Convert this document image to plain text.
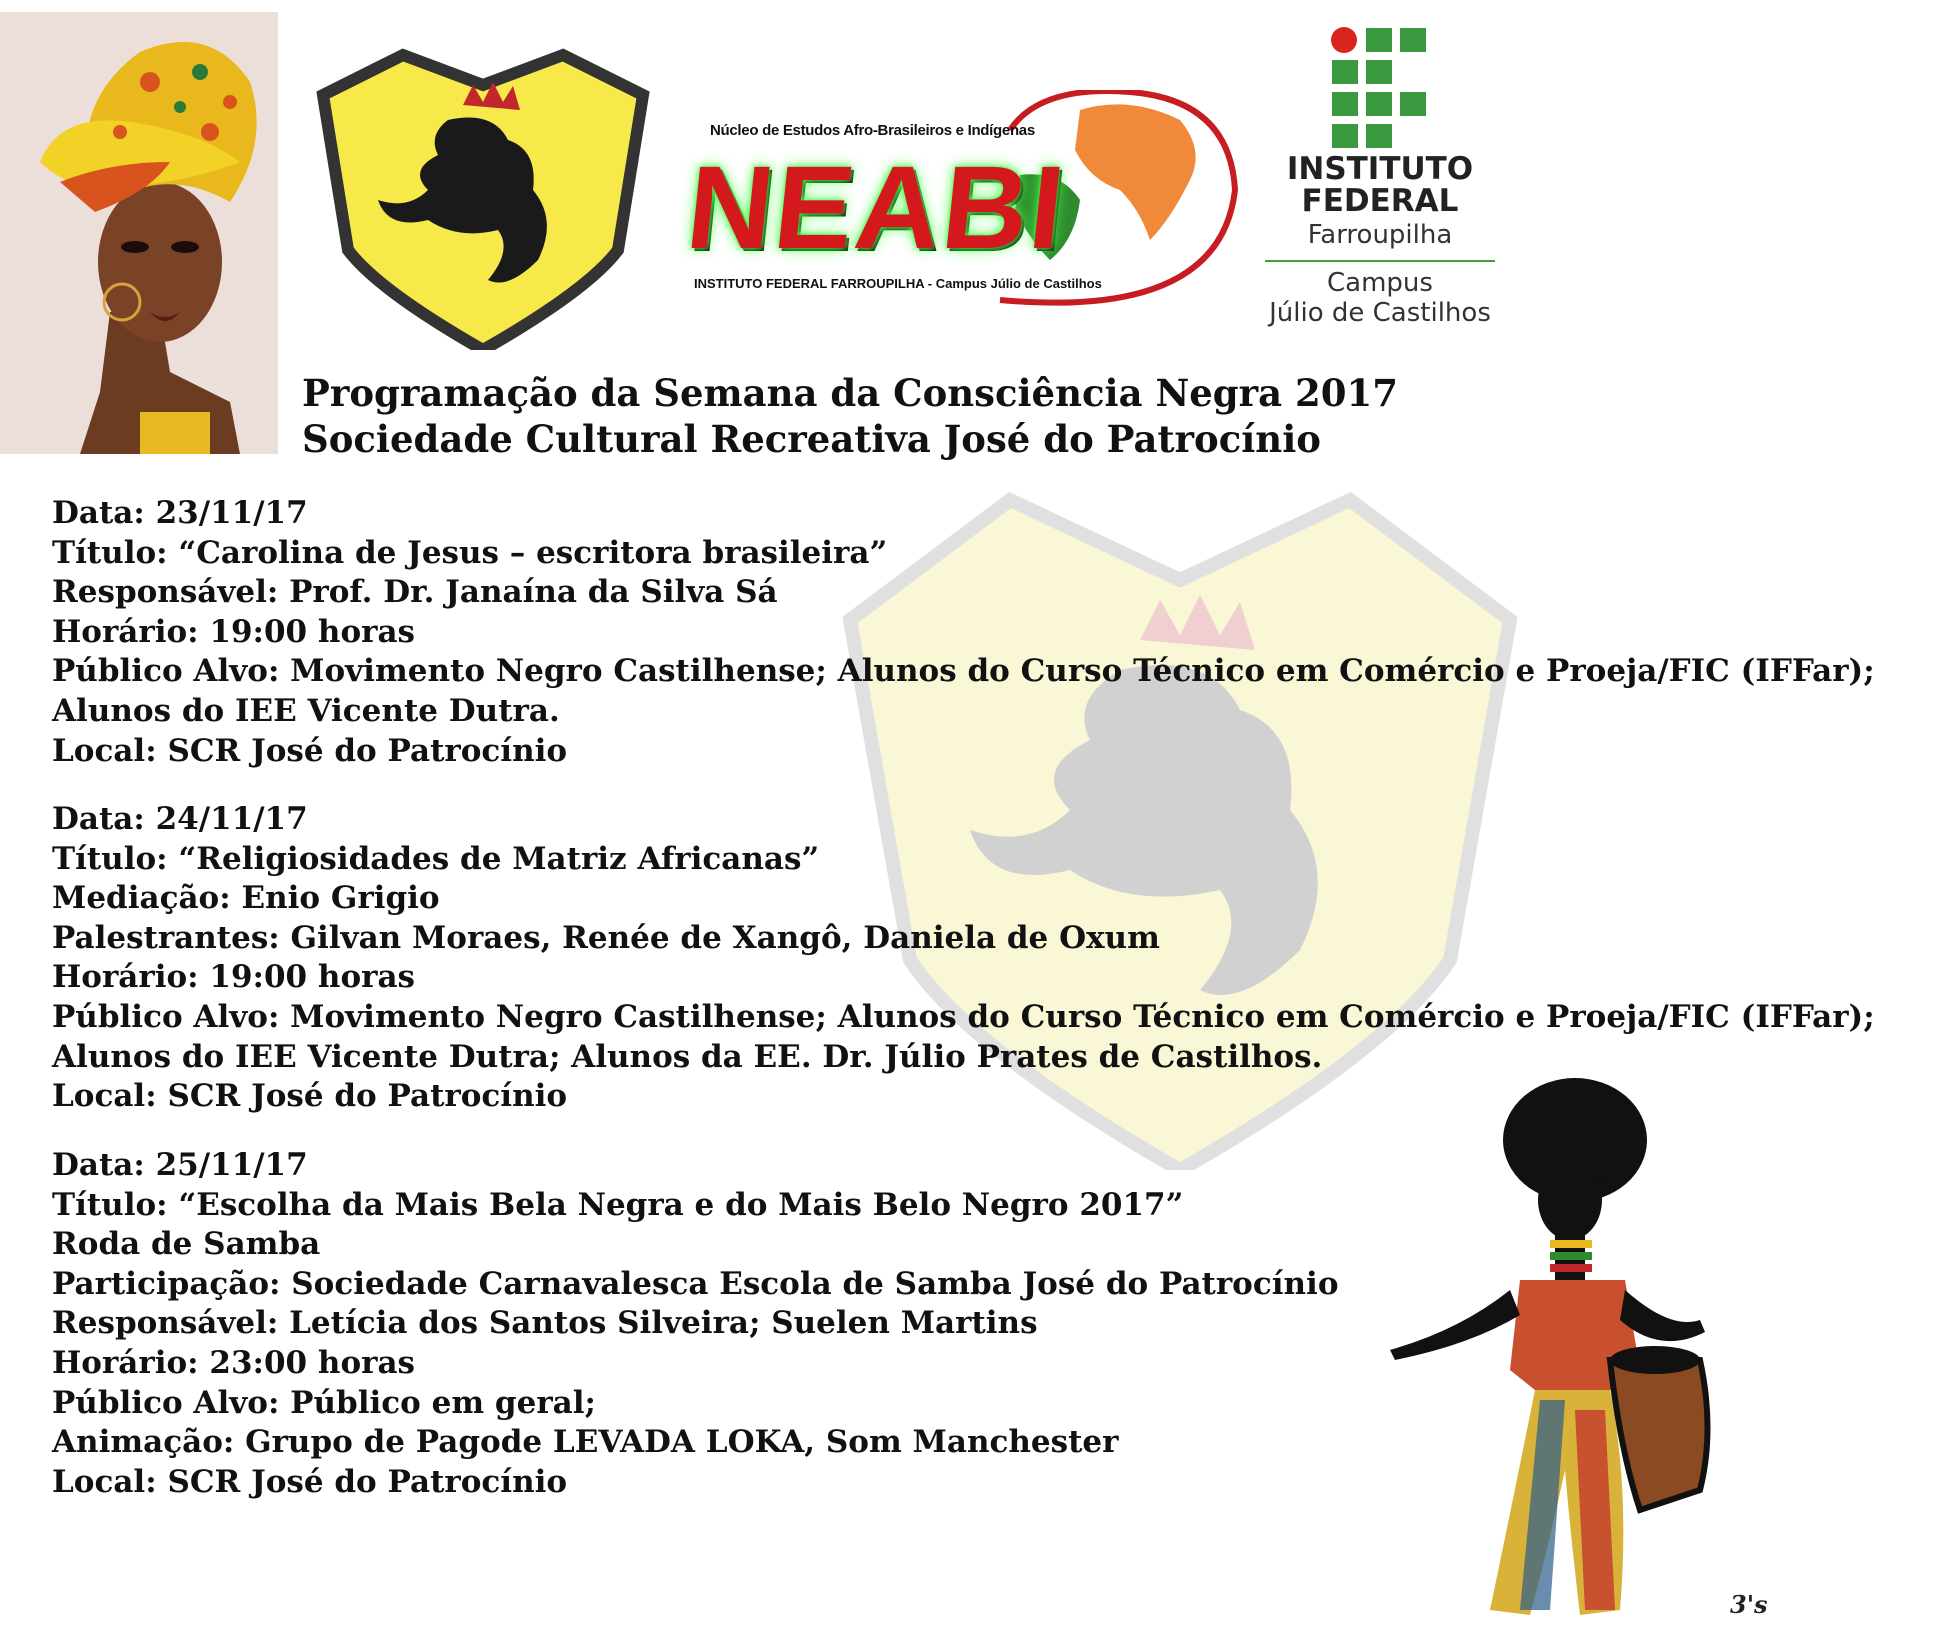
Núcleo de Estudos Afro-Brasileiros e Indígenas
NEABI
INSTITUTO FEDERAL FARROUPILHA - Campus Júlio de Castilhos
INSTITUTO
FEDERAL
Farroupilha
Campus
Júlio de Castilhos
Programação da Semana da Consciência Negra 2017
Sociedade Cultural Recreativa José do Patrocínio
Data: 23/11/17
Título: “Carolina de Jesus – escritora brasileira”
Responsável: Prof. Dr. Janaína da Silva Sá
Horário: 19:00 horas
Público Alvo: Movimento Negro Castilhense; Alunos do Curso Técnico em Comércio e Proeja/FIC (IFFar);
Alunos do IEE Vicente Dutra.
Local: SCR José do Patrocínio
Data: 24/11/17
Título: “Religiosidades de Matriz Africanas”
Mediação: Enio Grigio
Palestrantes: Gilvan Moraes, Renée de Xangô, Daniela de Oxum
Horário: 19:00 horas
Público Alvo: Movimento Negro Castilhense; Alunos do Curso Técnico em Comércio e Proeja/FIC (IFFar);
Alunos do IEE Vicente Dutra; Alunos da EE. Dr. Júlio Prates de Castilhos.
Local: SCR José do Patrocínio
Data: 25/11/17
Título: “Escolha da Mais Bela Negra e do Mais Belo Negro 2017”
Roda de Samba
Participação: Sociedade Carnavalesca Escola de Samba José do Patrocínio
Responsável: Letícia dos Santos Silveira; Suelen Martins
Horário: 23:00 horas
Público Alvo: Público em geral;
Animação: Grupo de Pagode LEVADA LOKA, Som Manchester
Local: SCR José do Patrocínio
3's
